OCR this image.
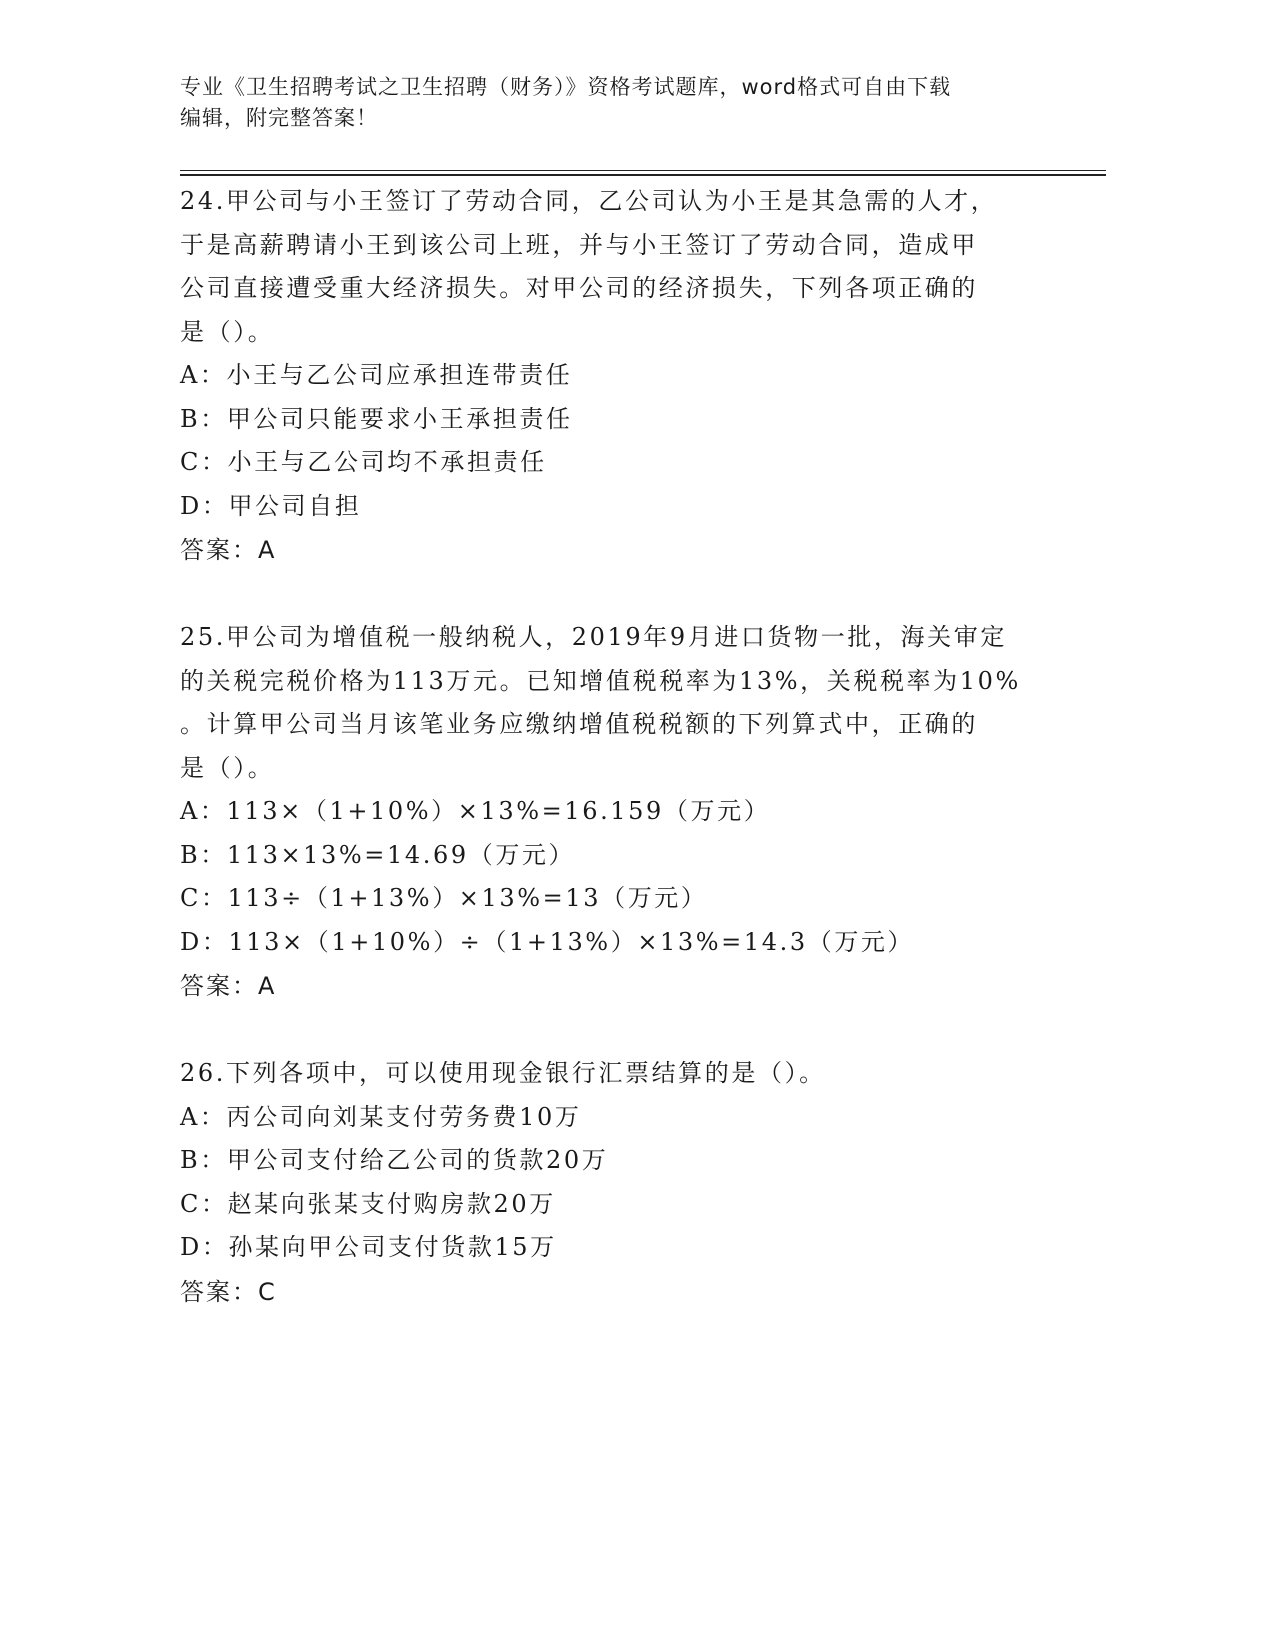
专业《卫生招聘考试之卫生招聘（财务）》资格考试题库，word格式可自由下载
编辑，附完整答案！
24.甲公司与小王签订了劳动合同，乙公司认为小王是其急需的人才，
于是高薪聘请小王到该公司上班，并与小王签订了劳动合同，造成甲
公司直接遭受重大经济损失。对甲公司的经济损失，下列各项正确的
是（）。
A：小王与乙公司应承担连带责任
B：甲公司只能要求小王承担责任
C：小王与乙公司均不承担责任
D：甲公司自担
答案：A
25.甲公司为增值税一般纳税人，2019年9月进口货物一批，海关审定
的关税完税价格为113万元。已知增值税税率为13%，关税税率为10%
。计算甲公司当月该笔业务应缴纳增值税税额的下列算式中，正确的
是（）。
A：113×（1+10%）×13%=16.159（万元）
B：113×13%=14.69（万元）
C：113÷（1+13%）×13%=13（万元）
D：113×（1+10%）÷（1+13%）×13%=14.3（万元）
答案：A
26.下列各项中，可以使用现金银行汇票结算的是（）。
A：丙公司向刘某支付劳务费10万
B：甲公司支付给乙公司的货款20万
C：赵某向张某支付购房款20万
D：孙某向甲公司支付货款15万
答案：C
